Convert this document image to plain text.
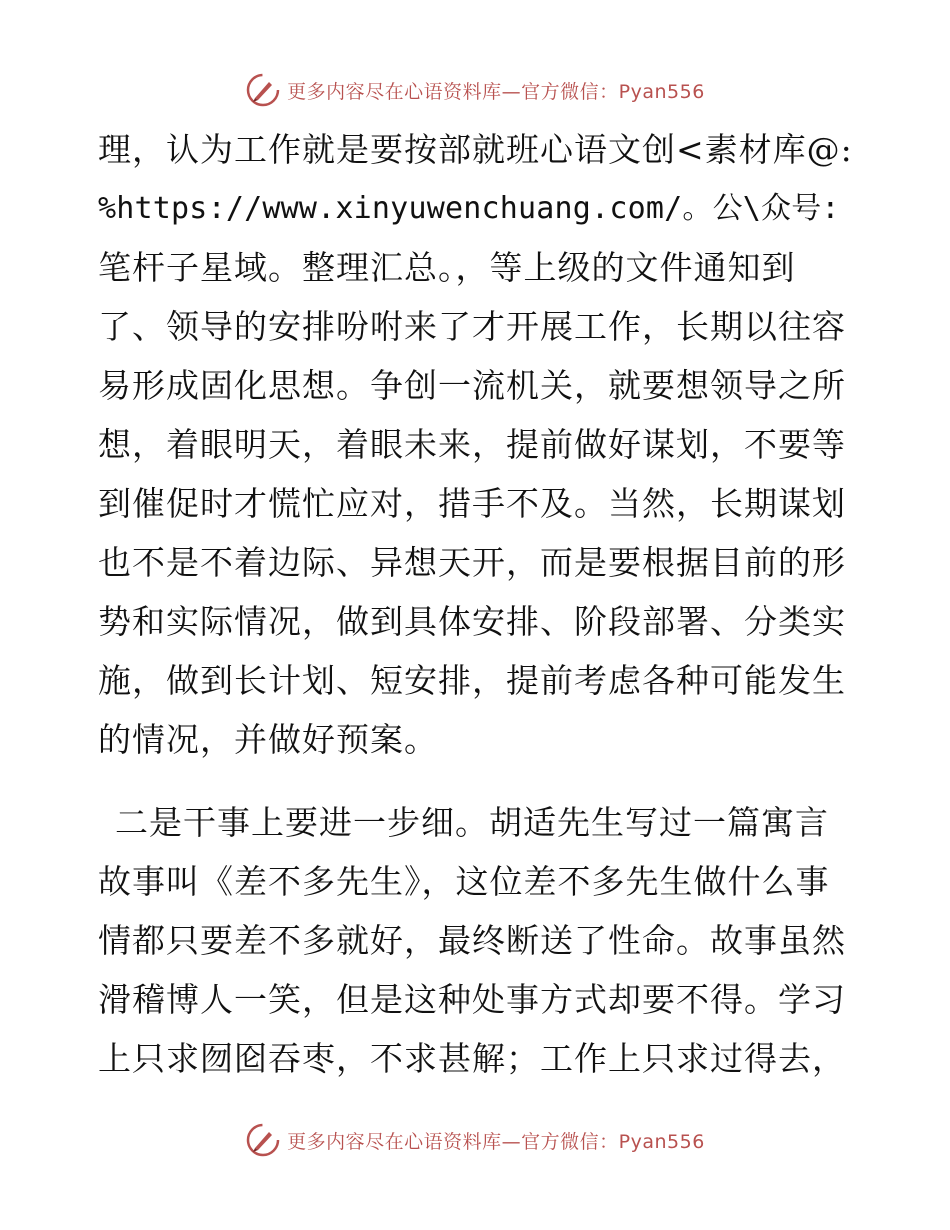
更多内容尽在心语资料库—官方微信：Pyan556
理，认为工作就是要按部就班心语文创<素材库@:
%https://www.xinyuwenchuang.com/。公\众号:
笔杆子星域。整理汇总。，等上级的文件通知到
了、领导的安排吩咐来了才开展工作，长期以往容
易形成固化思想。争创一流机关，就要想领导之所
想，着眼明天，着眼未来，提前做好谋划，不要等
到催促时才慌忙应对，措手不及。当然，长期谋划
也不是不着边际、异想天开，而是要根据目前的形
势和实际情况，做到具体安排、阶段部署、分类实
施，做到长计划、短安排，提前考虑各种可能发生
的情况，并做好预案。
二是干事上要进一步细。胡适先生写过一篇寓言
故事叫《差不多先生》，这位差不多先生做什么事
情都只要差不多就好，最终断送了性命。故事虽然
滑稽博人一笑，但是这种处事方式却要不得。学习
上只求囫囵吞枣，不求甚解；工作上只求过得去，
更多内容尽在心语资料库—官方微信：Pyan556
